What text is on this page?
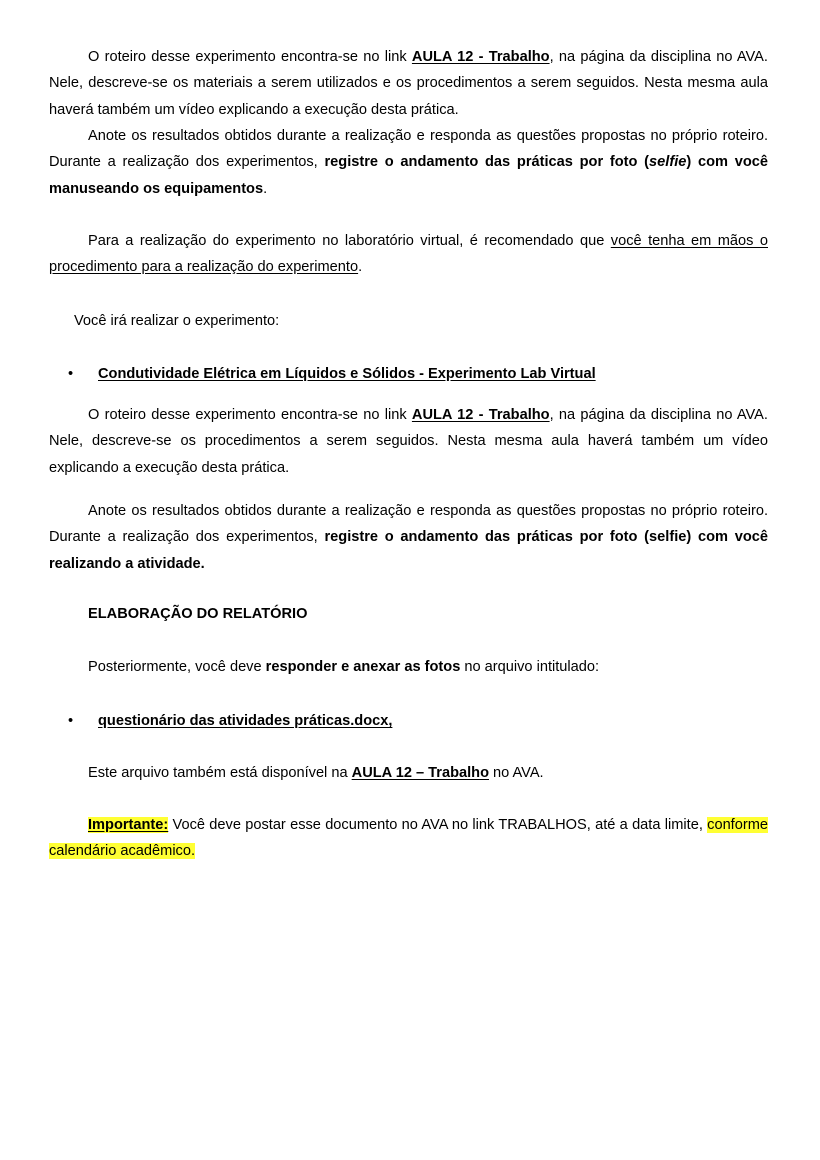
O roteiro desse experimento encontra-se no link AULA 12 - Trabalho, na página da disciplina no AVA. Nele, descreve-se os materiais a serem utilizados e os procedimentos a serem seguidos. Nesta mesma aula haverá também um vídeo explicando a execução desta prática.

Anote os resultados obtidos durante a realização e responda as questões propostas no próprio roteiro. Durante a realização dos experimentos, registre o andamento das práticas por foto (selfie) com você manuseando os equipamentos.

Para a realização do experimento no laboratório virtual, é recomendado que você tenha em mãos o procedimento para a realização do experimento.

Você irá realizar o experimento:

• Condutividade Elétrica em Líquidos e Sólidos - Experimento Lab Virtual

O roteiro desse experimento encontra-se no link AULA 12 - Trabalho, na página da disciplina no AVA. Nele, descreve-se os procedimentos a serem seguidos. Nesta mesma aula haverá também um vídeo explicando a execução desta prática.

Anote os resultados obtidos durante a realização e responda as questões propostas no próprio roteiro. Durante a realização dos experimentos, registre o andamento das práticas por foto (selfie) com você realizando a atividade.

ELABORAÇÃO DO RELATÓRIO

Posteriormente, você deve responder e anexar as fotos no arquivo intitulado:

• questionário das atividades práticas.docx,

Este arquivo também está disponível na AULA 12 – Trabalho no AVA.

Importante: Você deve postar esse documento no AVA no link TRABALHOS, até a data limite, conforme calendário acadêmico.
